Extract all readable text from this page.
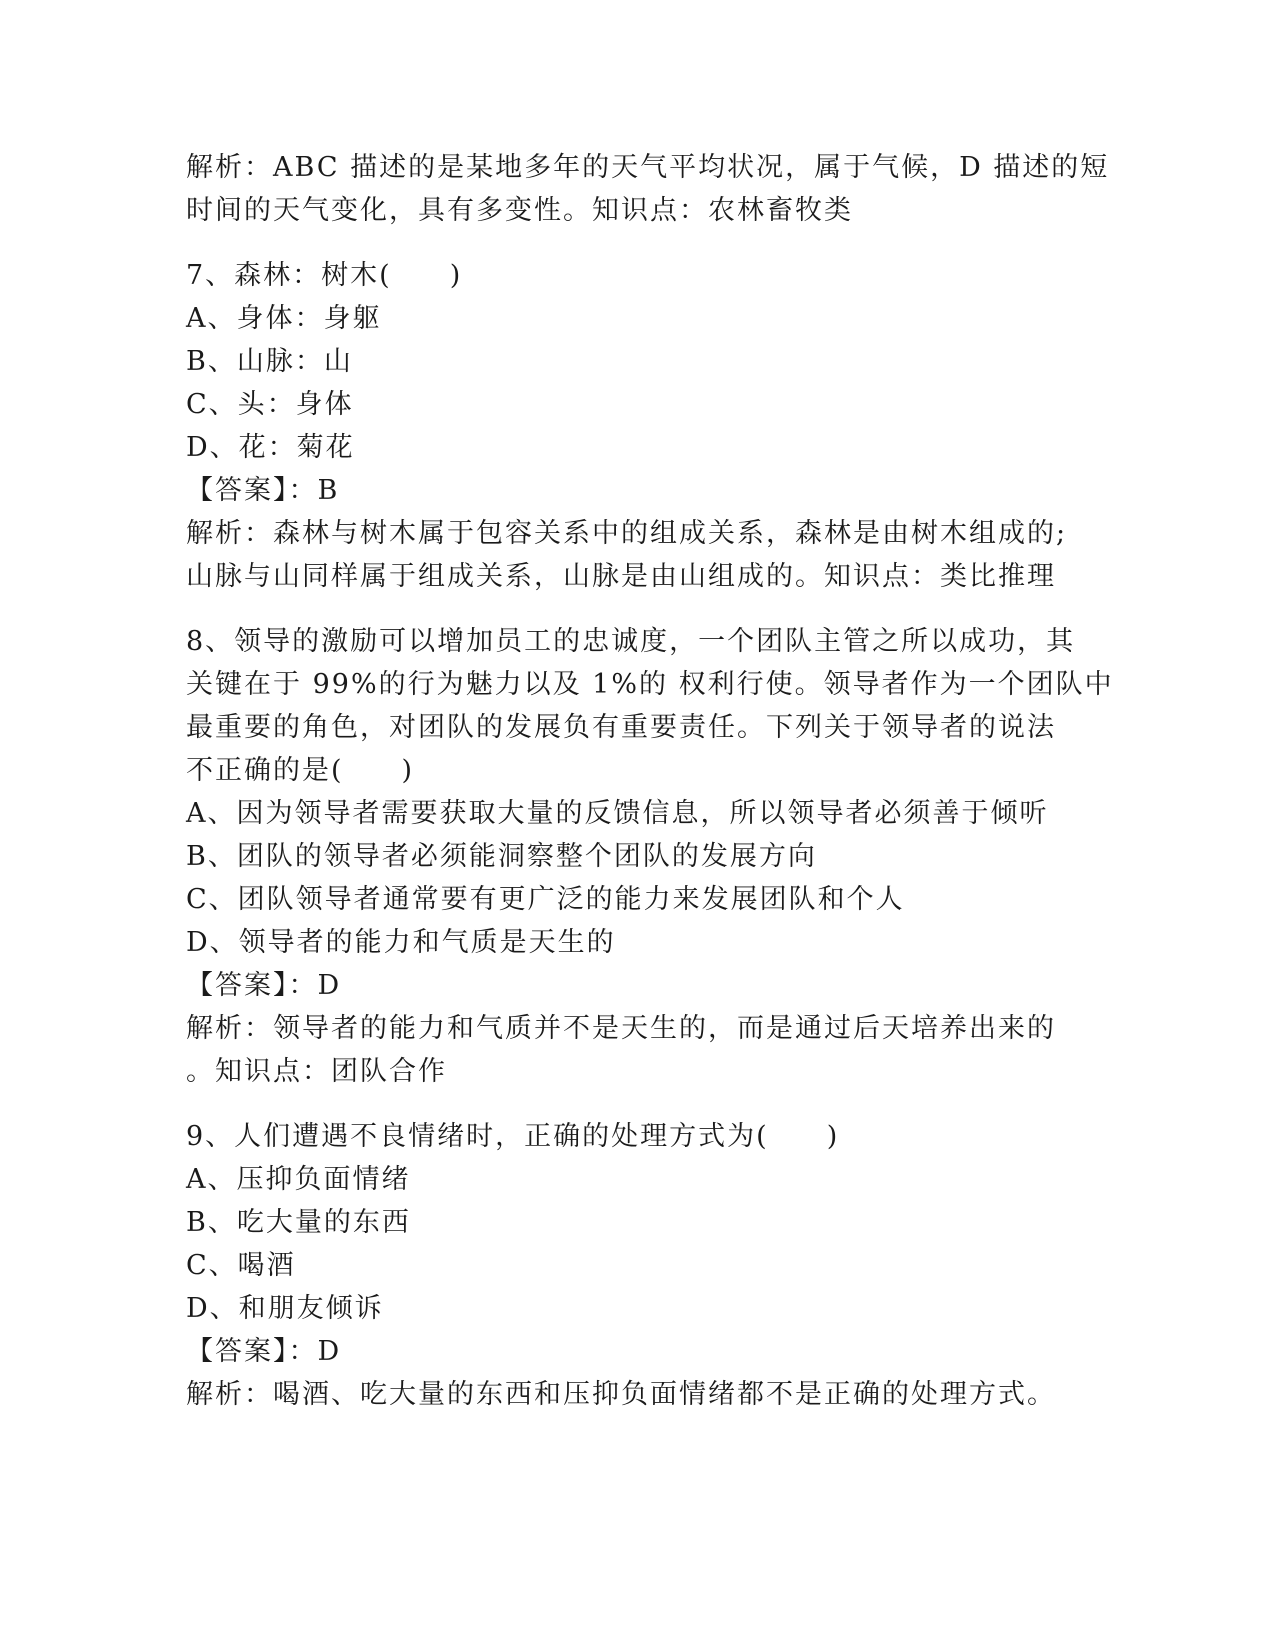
解析：ABC 描述的是某地多年的天气平均状况，属于气候，D 描述的短
时间的天气变化，具有多变性。知识点：农林畜牧类
7、森林：树木(　　)
A、身体：身躯
B、山脉：山
C、头：身体
D、花：菊花
【答案】：B
解析：森林与树木属于包容关系中的组成关系，森林是由树木组成的;
山脉与山同样属于组成关系，山脉是由山组成的。知识点：类比推理
8、领导的激励可以增加员工的忠诚度，一个团队主管之所以成功，其
关键在于 99%的行为魅力以及 1%的 权利行使。领导者作为一个团队中
最重要的角色，对团队的发展负有重要责任。下列关于领导者的说法
不正确的是(　　)
A、因为领导者需要获取大量的反馈信息，所以领导者必须善于倾听
B、团队的领导者必须能洞察整个团队的发展方向
C、团队领导者通常要有更广泛的能力来发展团队和个人
D、领导者的能力和气质是天生的
【答案】：D
解析：领导者的能力和气质并不是天生的，而是通过后天培养出来的
。知识点：团队合作
9、人们遭遇不良情绪时，正确的处理方式为(　　)
A、压抑负面情绪
B、吃大量的东西
C、喝酒
D、和朋友倾诉
【答案】：D
解析：喝酒、吃大量的东西和压抑负面情绪都不是正确的处理方式。
